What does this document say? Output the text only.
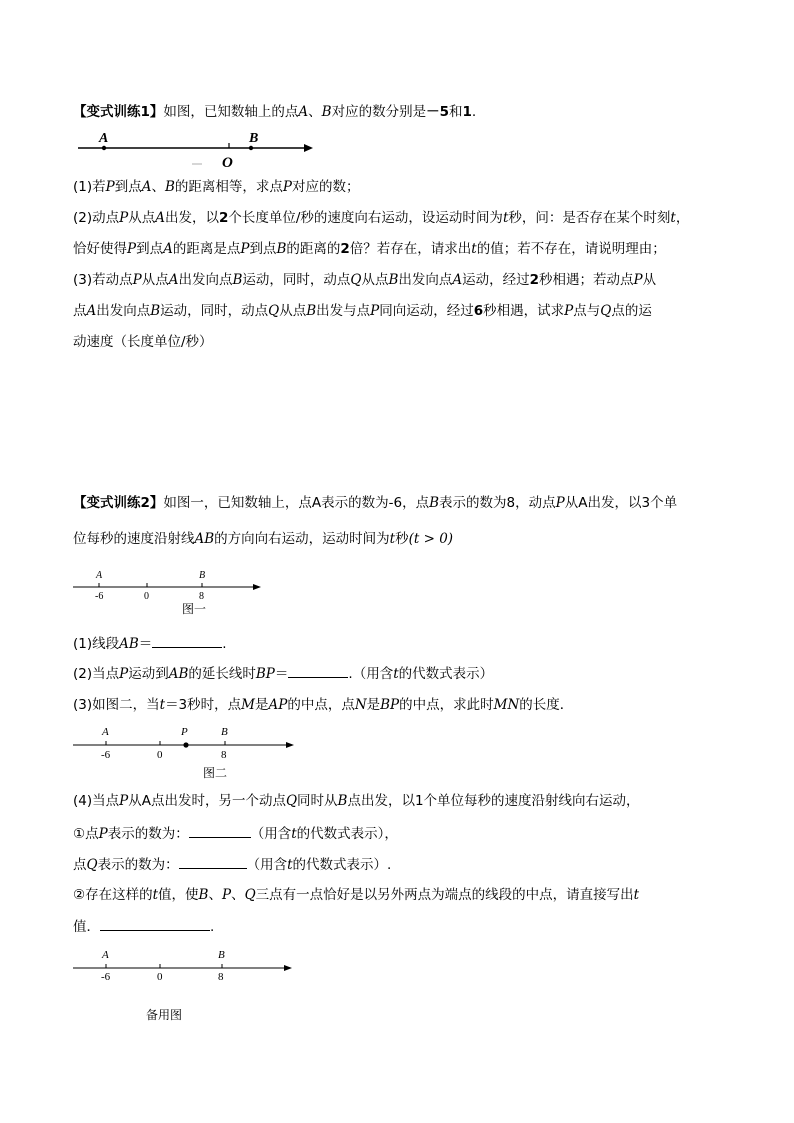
【变式训练1】如图，已知数轴上的点A、B对应的数分别是－5和1.
A	B
O
(1)若P到点A、B的距离相等，求点P对应的数；
(2)动点P从点A出发，以2个长度单位/秒的速度向右运动，设运动时间为t秒，问：是否存在某个时刻t，
恰好使得P到点A的距离是点P到点B的距离的2倍？若存在，请求出t的值；若不存在，请说明理由；
(3)若动点P从点A出发向点B运动，同时，动点Q从点B出发向点A运动，经过2秒相遇；若动点P从
点A出发向点B运动，同时，动点Q从点B出发与点P同向运动，经过6秒相遇，试求P点与Q点的运
动速度（长度单位/秒）
【变式训练2】如图一，已知数轴上，点A表示的数为-6，点B表示的数为8，动点P从A出发，以3个单
位每秒的速度沿射线AB的方向向右运动，运动时间为t秒(t > 0)
A	B
-6	0	8
图一
(1)线段AB＝	.
(2)当点P运动到AB的延长线时BP＝	.（用含t的代数式表示）
(3)如图二，当t＝3秒时，点M是AP的中点，点N是BP的中点，求此时MN的长度．
A	P	B
-6	0	8
图二
(4)当点P从A点出发时，另一个动点Q同时从B点出发，以1个单位每秒的速度沿射线向右运动，
①点P表示的数为：	（用含t的代数式表示），
点Q表示的数为：	（用含t的代数式表示）.
②存在这样的t值，使B、P、Q三点有一点恰好是以另外两点为端点的线段的中点，请直接写出t
值．	.
A	B
-6	0	8
备用图
